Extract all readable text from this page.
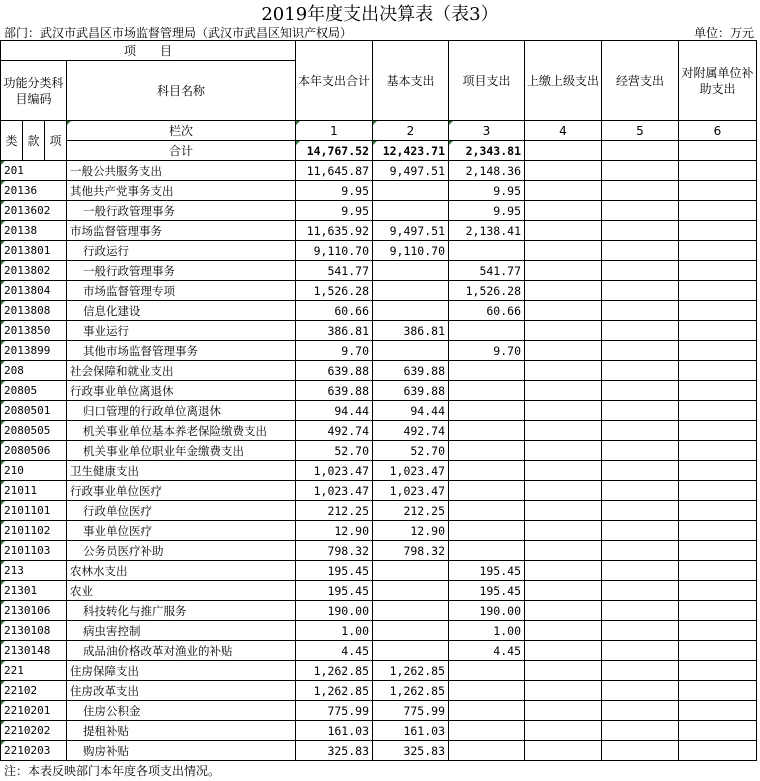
2019年度支出决算表（表3）
部门：武汉市武昌区市场监督管理局（武汉市武昌区知识产权局）	单位：万元
项　　目				本年支出合计	基本支出	项目支出	上缴上级支出	经营支出	对附属单位补助支出
功能分类科目编码			科目名称						

类	款	项	栏次	1	2	3	4	5	6
			合计	14,767.52	12,423.71	2,343.81			
201			一般公共服务支出	11,645.87	9,497.51	2,148.36			
20136			其他共产党事务支出	9.95		9.95			
2013602			一般行政管理事务	9.95		9.95			
20138			市场监督管理事务	11,635.92	9,497.51	2,138.41			
2013801			行政运行	9,110.70	9,110.70				
2013802			一般行政管理事务	541.77		541.77			
2013804			市场监督管理专项	1,526.28		1,526.28			
2013808			信息化建设	60.66		60.66			
2013850			事业运行	386.81	386.81				
2013899			其他市场监督管理事务	9.70		9.70			
208			社会保障和就业支出	639.88	639.88				
20805			行政事业单位离退休	639.88	639.88				
2080501			归口管理的行政单位离退休	94.44	94.44				
2080505			机关事业单位基本养老保险缴费支出	492.74	492.74				
2080506			机关事业单位职业年金缴费支出	52.70	52.70				
210			卫生健康支出	1,023.47	1,023.47				
21011			行政事业单位医疗	1,023.47	1,023.47				
2101101			行政单位医疗	212.25	212.25				
2101102			事业单位医疗	12.90	12.90				
2101103			公务员医疗补助	798.32	798.32				
213			农林水支出	195.45		195.45			
21301			农业	195.45		195.45			
2130106			科技转化与推广服务	190.00		190.00			
2130108			病虫害控制	1.00		1.00			
2130148			成品油价格改革对渔业的补贴	4.45		4.45			
221			住房保障支出	1,262.85	1,262.85				
22102			住房改革支出	1,262.85	1,262.85				
2210201			住房公积金	775.99	775.99				
2210202			提租补贴	161.03	161.03				
2210203			购房补贴	325.83	325.83				
注：本表反映部门本年度各项支出情况。
